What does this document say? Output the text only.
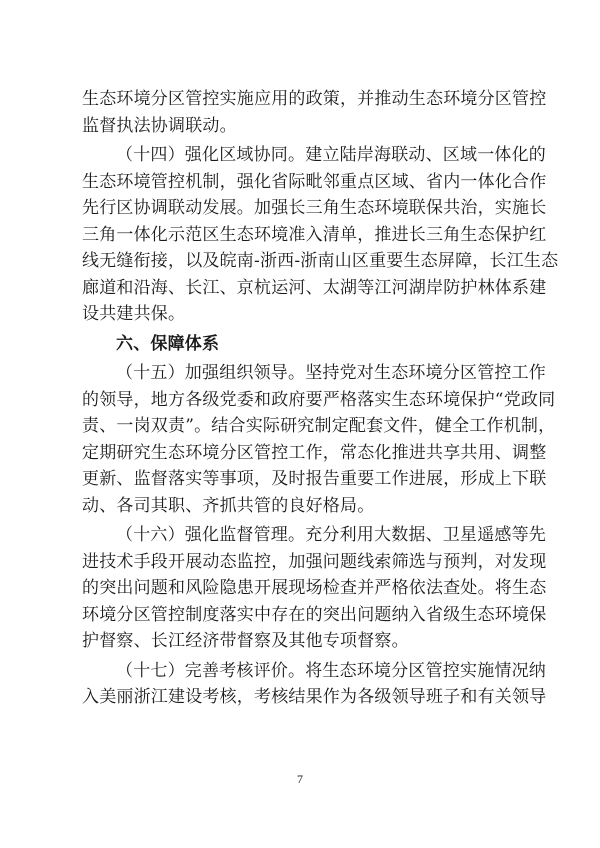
生态环境分区管控实施应用的政策，并推动生态环境分区管控
监督执法协调联动。
（十四）强化区域协同。建立陆岸海联动、区域一体化的
生态环境管控机制，强化省际毗邻重点区域、省内一体化合作
先行区协调联动发展。加强长三角生态环境联保共治，实施长
三角一体化示范区生态环境准入清单，推进长三角生态保护红
线无缝衔接，以及皖南-浙西-浙南山区重要生态屏障，长江生态
廊道和沿海、长江、京杭运河、太湖等江河湖岸防护林体系建
设共建共保。
六、保障体系
（十五）加强组织领导。坚持党对生态环境分区管控工作
的领导，地方各级党委和政府要严格落实生态环境保护“党政同
责、一岗双责”。结合实际研究制定配套文件，健全工作机制，
定期研究生态环境分区管控工作，常态化推进共享共用、调整
更新、监督落实等事项，及时报告重要工作进展，形成上下联
动、各司其职、齐抓共管的良好格局。
（十六）强化监督管理。充分利用大数据、卫星遥感等先
进技术手段开展动态监控，加强问题线索筛选与预判，对发现
的突出问题和风险隐患开展现场检查并严格依法查处。将生态
环境分区管控制度落实中存在的突出问题纳入省级生态环境保
护督察、长江经济带督察及其他专项督察。
（十七）完善考核评价。将生态环境分区管控实施情况纳
入美丽浙江建设考核，考核结果作为各级领导班子和有关领导
7
